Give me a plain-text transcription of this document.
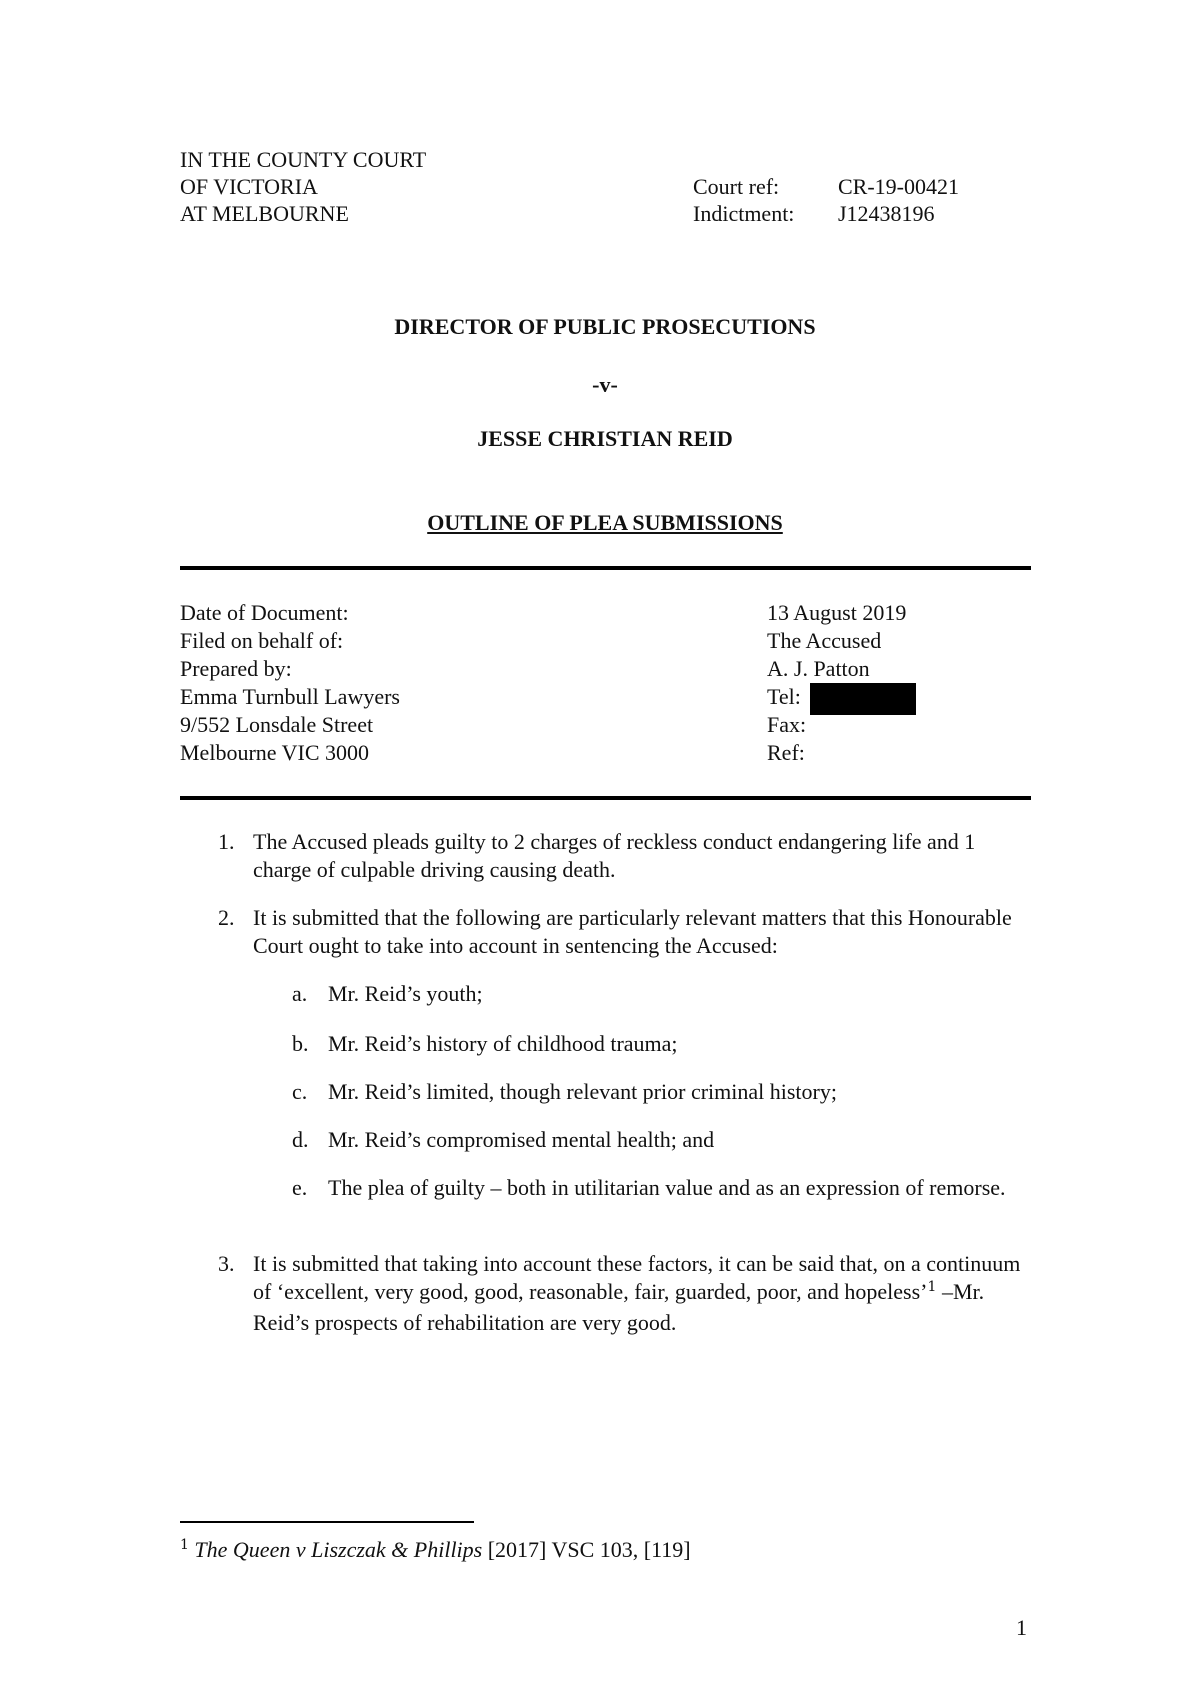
IN THE COUNTY COURT
OF VICTORIA
AT MELBOURNE
Court ref:	CR-19-00421
Indictment: J12438196
DIRECTOR OF PUBLIC PROSECUTIONS
-v-
JESSE CHRISTIAN REID
OUTLINE OF PLEA SUBMISSIONS
Date of Document:	13 August 2019
Filed on behalf of:	The Accused
Prepared by:	A. J. Patton
Emma Turnbull Lawyers	Tel:
9/552 Lonsdale Street	Fax:
Melbourne VIC 3000	Ref:
1. The Accused pleads guilty to 2 charges of reckless conduct endangering life and 1 charge of culpable driving causing death.
2. It is submitted that the following are particularly relevant matters that this Honourable Court ought to take into account in sentencing the Accused:
a. Mr. Reid’s youth;
b. Mr. Reid’s history of childhood trauma;
c. Mr. Reid’s limited, though relevant prior criminal history;
d. Mr. Reid’s compromised mental health; and
e. The plea of guilty – both in utilitarian value and as an expression of remorse.
3. It is submitted that taking into account these factors, it can be said that, on a continuum of ‘excellent, very good, good, reasonable, fair, guarded, poor, and hopeless’$^1$ –Mr. Reid’s prospects of rehabilitation are very good.
$^1$ The Queen v Liszczak & Phillips [2017] VSC 103, [119]
1
